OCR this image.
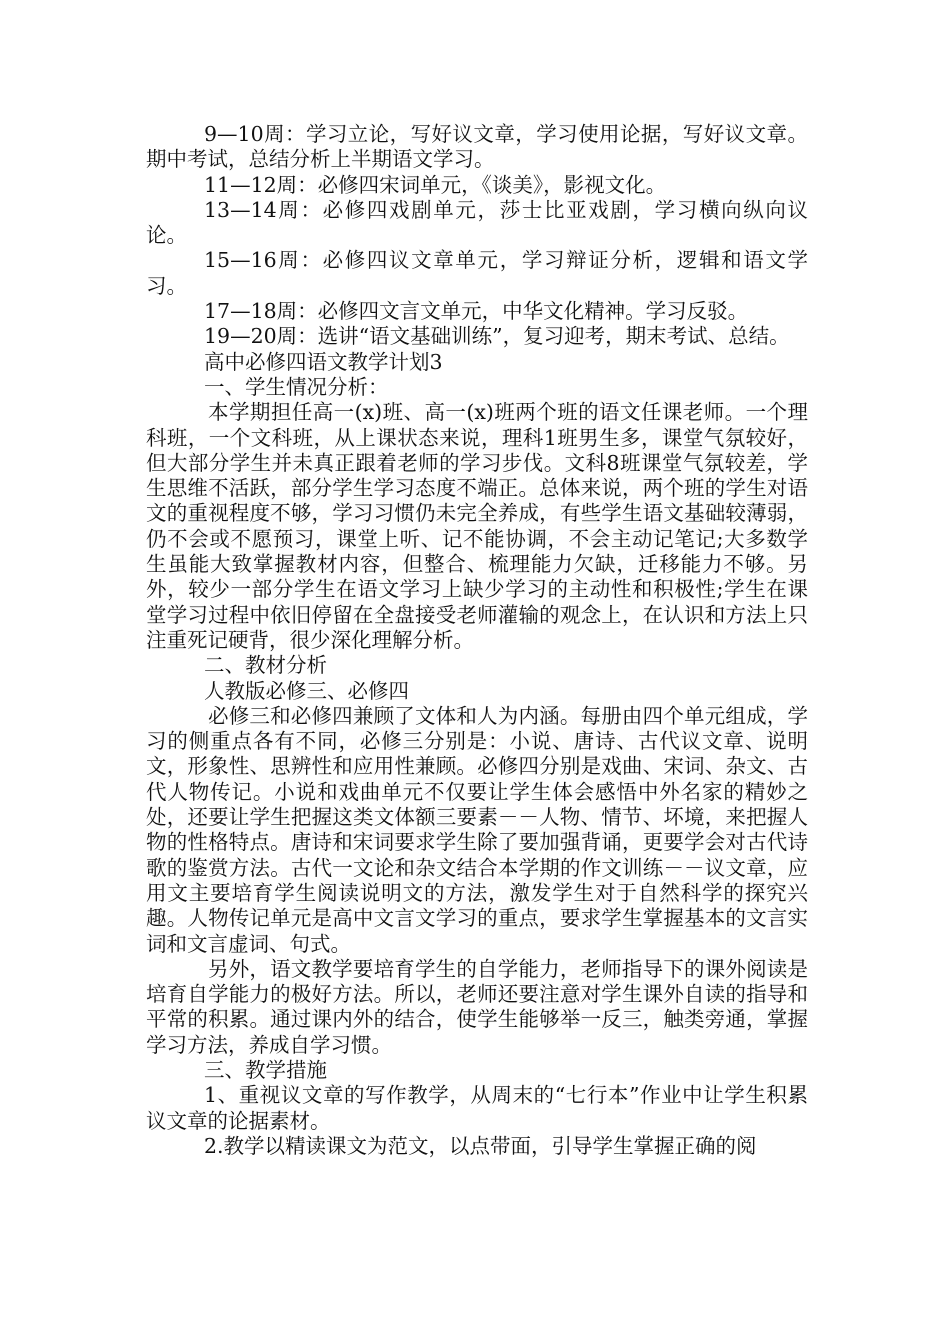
9—10周：学习立论，写好议文章，学习使用论据，写好议文章。期中考试，总结分析上半期语文学习。

11—12周：必修四宋词单元，《谈美》，影视文化。

13—14周：必修四戏剧单元，莎士比亚戏剧，学习横向纵向议论。

15—16周：必修四议文章单元，学习辩证分析，逻辑和语文学习。

17—18周：必修四文言文单元，中华文化精神。学习反驳。

19—20周：选讲“语文基础训练”，复习迎考，期末考试、总结。

高中必修四语文教学计划3

一、学生情况分析：

本学期担任高一(x)班、高一(x)班两个班的语文任课老师。一个理科班，一个文科班，从上课状态来说，理科1班男生多，课堂气氛较好，但大部分学生并未真正跟着老师的学习步伐。文科8班课堂气氛较差，学生思维不活跃，部分学生学习态度不端正。总体来说，两个班的学生对语文的重视程度不够，学习习惯仍未完全养成，有些学生语文基础较薄弱，仍不会或不愿预习，课堂上听、记不能协调，不会主动记笔记;大多数学生虽能大致掌握教材内容，但整合、梳理能力欠缺，迁移能力不够。另外，较少一部分学生在语文学习上缺少学习的主动性和积极性;学生在课堂学习过程中依旧停留在全盘接受老师灌输的观念上，在认识和方法上只注重死记硬背，很少深化理解分析。

二、教材分析

人教版必修三、必修四

必修三和必修四兼顾了文体和人为内涵。每册由四个单元组成，学习的侧重点各有不同，必修三分别是：小说、唐诗、古代议文章、说明文，形象性、思辨性和应用性兼顾。必修四分别是戏曲、宋词、杂文、古代人物传记。小说和戏曲单元不仅要让学生体会感悟中外名家的精妙之处，还要让学生把握这类文体额三要素－－人物、情节、坏境，来把握人物的性格特点。唐诗和宋词要求学生除了要加强背诵，更要学会对古代诗歌的鉴赏方法。古代一文论和杂文结合本学期的作文训练－－议文章，应用文主要培育学生阅读说明文的方法，激发学生对于自然科学的探究兴趣。人物传记单元是高中文言文学习的重点，要求学生掌握基本的文言实词和文言虚词、句式。

另外，语文教学要培育学生的自学能力，老师指导下的课外阅读是培育自学能力的极好方法。所以，老师还要注意对学生课外自读的指导和平常的积累。通过课内外的结合，使学生能够举一反三，触类旁通，掌握学习方法，养成自学习惯。

三、教学措施

1、重视议文章的写作教学，从周末的“七行本”作业中让学生积累议文章的论据素材。

2.教学以精读课文为范文，以点带面，引导学生掌握正确的阅
